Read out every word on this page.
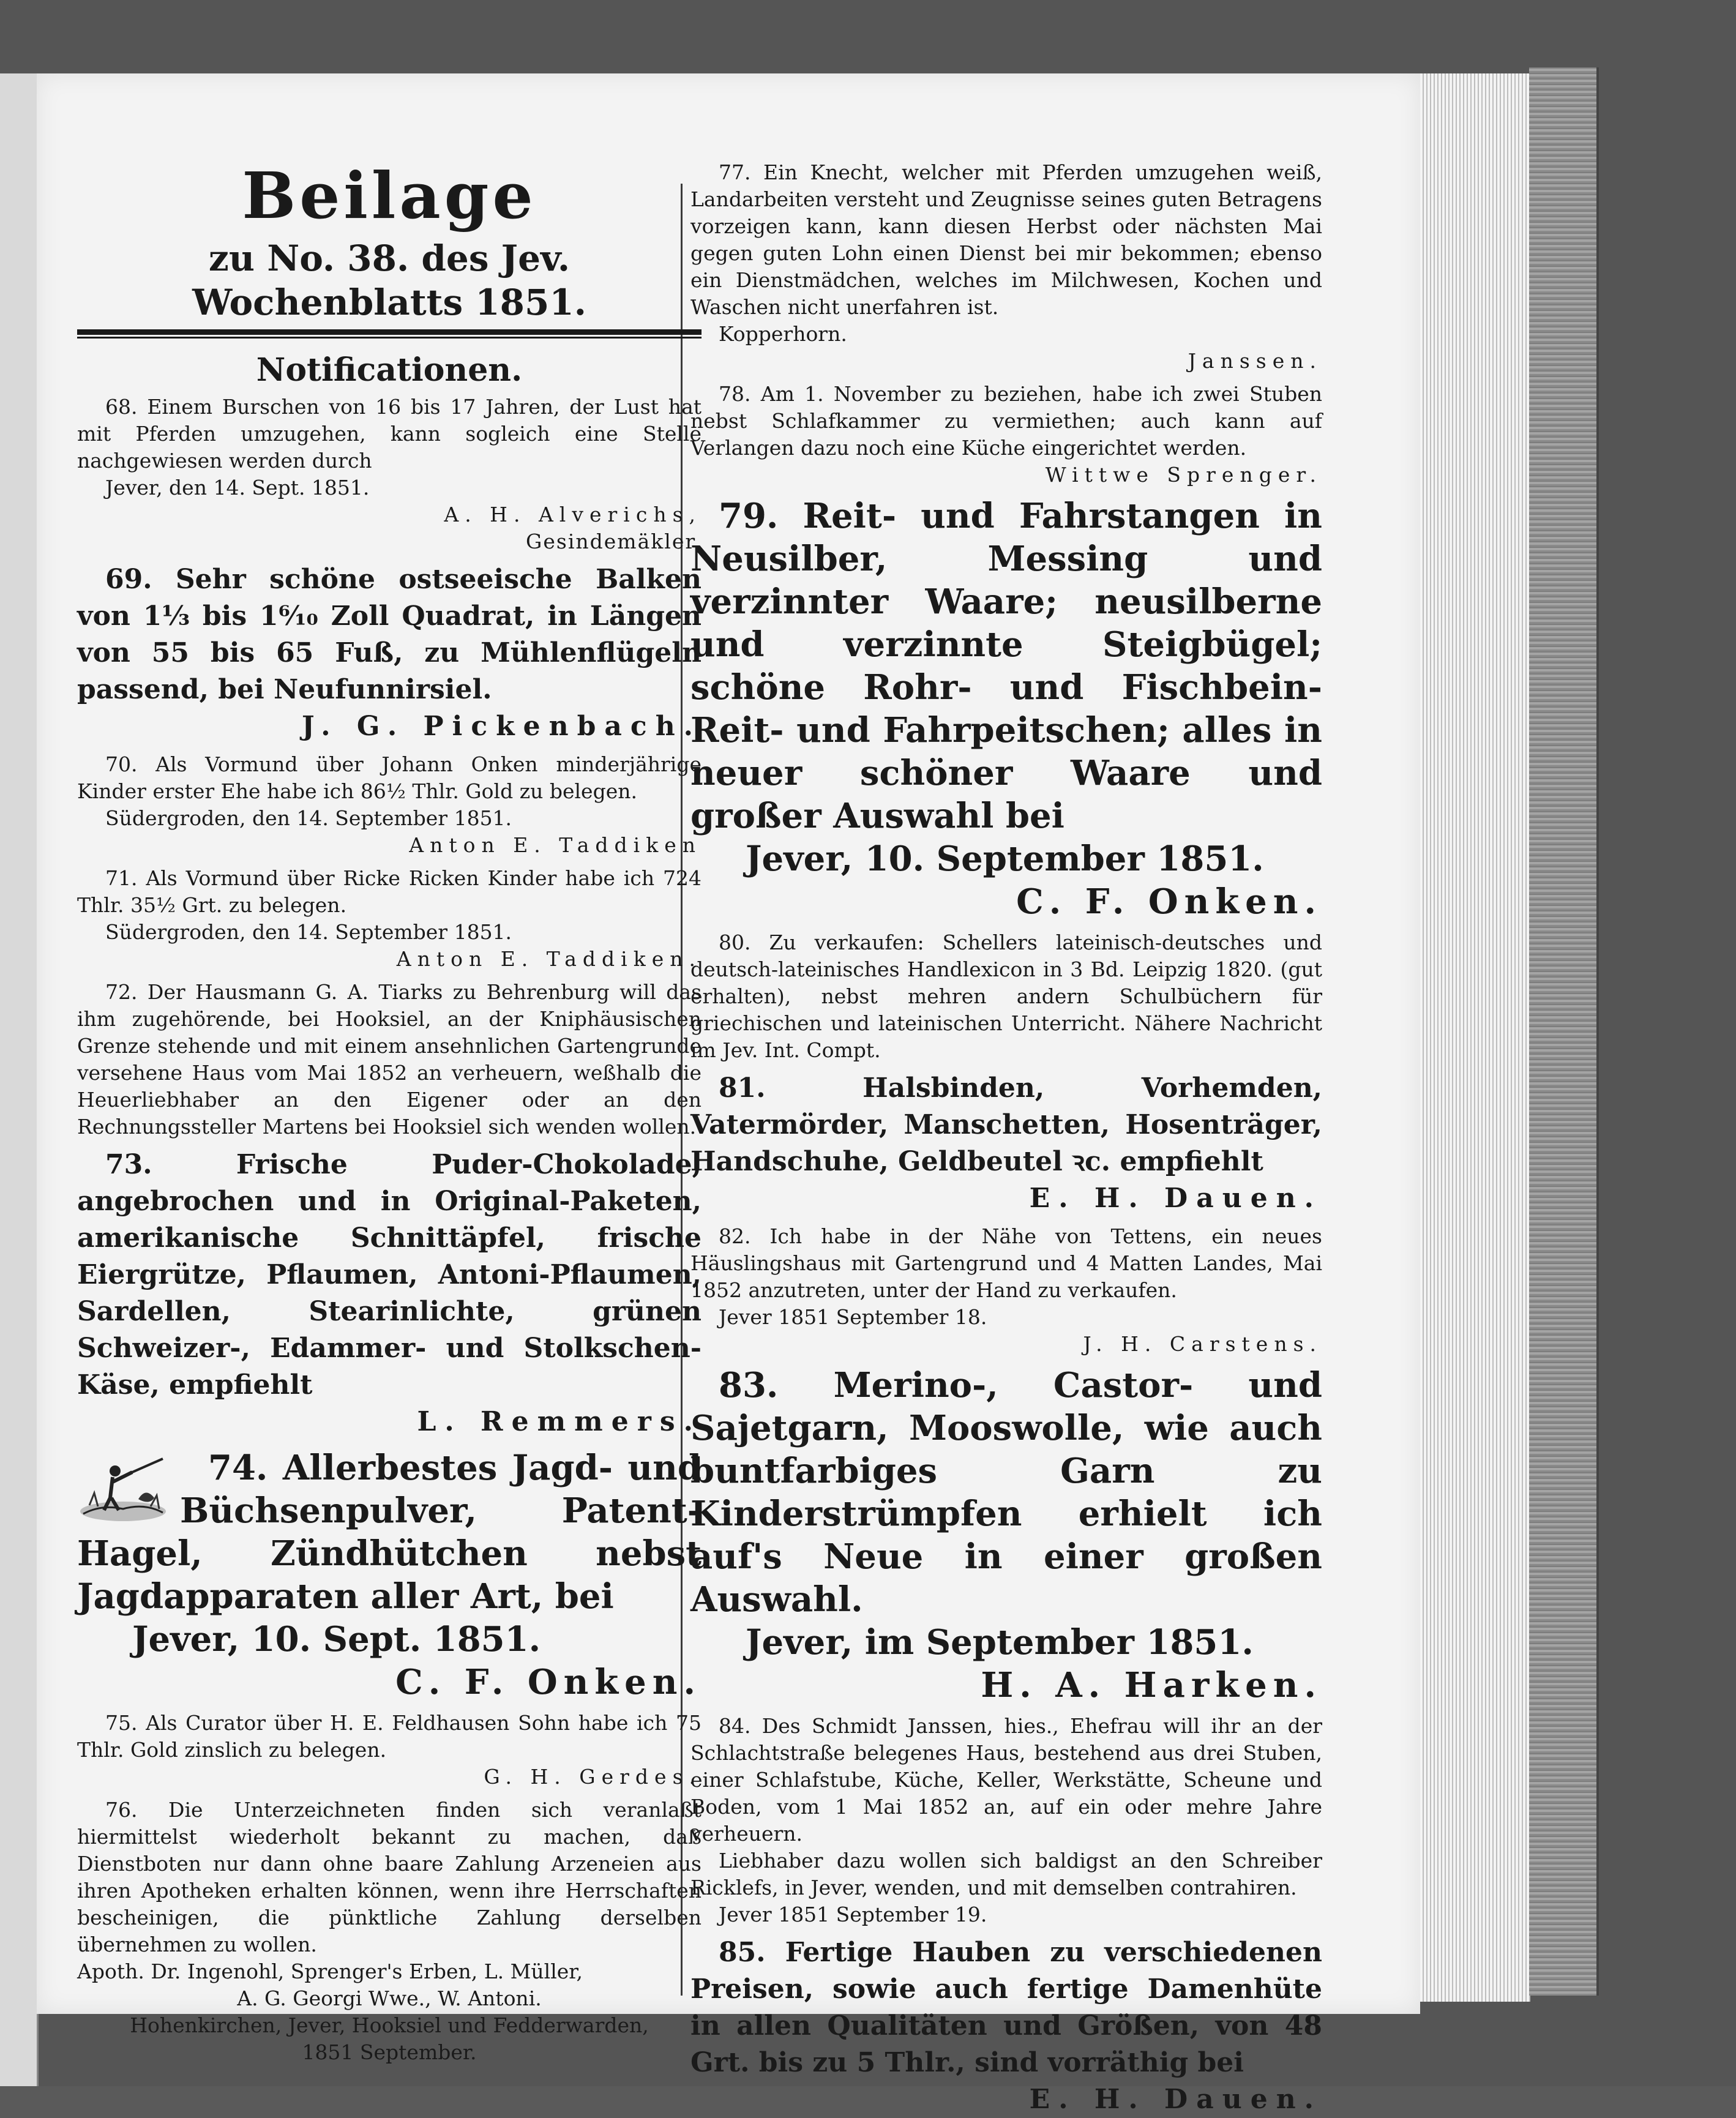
Beilage

zu No. 38. des Jev. Wochenblatts 1851.

Notificationen.

68. Einem Burschen von 16 bis 17 Jahren, der Lust hat mit Pferden umzugehen, kann sogleich eine Stelle nachgewiesen werden durch

Jever, den 14. Sept. 1851.

A. H. Alverichs,

Gesindemäkler.

69. Sehr schöne ostseeische Balken von 1⅓ bis 1⁶⁄₁₀ Zoll Quadrat, in Längen von 55 bis 65 Fuß, zu Mühlenflügeln passend, bei Neufunnirsiel.

J. G. Pickenbach.

70. Als Vormund über Johann Onken minderjährige Kinder erster Ehe habe ich 86½ Thlr. Gold zu belegen.

Südergroden, den 14. September 1851.

Anton E. Taddiken

71. Als Vormund über Ricke Ricken Kinder habe ich 724 Thlr. 35½ Grt. zu belegen.

Südergroden, den 14. September 1851.

Anton E. Taddiken.

72. Der Hausmann G. A. Tiarks zu Behrenburg will das ihm zugehörende, bei Hooksiel, an der Kniphäusischen Grenze stehende und mit einem ansehnlichen Gartengrunde versehene Haus vom Mai 1852 an verheuern, weßhalb die Heuerliebhaber an den Eigener oder an den Rechnungssteller Martens bei Hooksiel sich wenden wollen.

73. Frische Puder-Chokolade, angebrochen und in Original-Paketen, amerikanische Schnittäpfel, frische Eiergrütze, Pflaumen, Antoni-Pflaumen, Sardellen, Stearinlichte, grünen Schweizer-, Edammer- und Stolkschen-Käse, empfiehlt

L. Remmers.

74. Allerbestes Jagd- und Büchsenpulver, Patent-Hagel, Zündhütchen nebst Jagdapparaten aller Art, bei

Jever, 10. Sept. 1851.

C. F. Onken.

75. Als Curator über H. E. Feldhausen Sohn habe ich 75 Thlr. Gold zinslich zu belegen.

G. H. Gerdes.

76. Die Unterzeichneten finden sich veranlaßt hiermittelst wiederholt bekannt zu machen, daß Dienstboten nur dann ohne baare Zahlung Arzeneien aus ihren Apotheken erhalten können, wenn ihre Herrschaften bescheinigen, die pünktliche Zahlung derselben übernehmen zu wollen.

Apoth. Dr. Ingenohl, Sprenger's Erben, L. Müller,

A. G. Georgi Wwe., W. Antoni.

Hohenkirchen, Jever, Hooksiel und Fedderwarden,

1851 September.

77. Ein Knecht, welcher mit Pferden umzugehen weiß, Landarbeiten versteht und Zeugnisse seines guten Betragens vorzeigen kann, kann diesen Herbst oder nächsten Mai gegen guten Lohn einen Dienst bei mir bekommen; ebenso ein Dienstmädchen, welches im Milchwesen, Kochen und Waschen nicht unerfahren ist.

Kopperhorn.

Janssen.

78. Am 1. November zu beziehen, habe ich zwei Stuben nebst Schlafkammer zu vermiethen; auch kann auf Verlangen dazu noch eine Küche eingerichtet werden.

Wittwe Sprenger.

79. Reit- und Fahrstangen in Neusilber, Messing und verzinnter Waare; neusilberne und verzinnte Steigbügel; schöne Rohr- und Fischbein-Reit- und Fahrpeitschen; alles in neuer schöner Waare und großer Auswahl bei

Jever, 10. September 1851.

C. F. Onken.

80. Zu verkaufen: Schellers lateinisch-deutsches und deutsch-lateinisches Handlexicon in 3 Bd. Leipzig 1820. (gut erhalten), nebst mehren andern Schulbüchern für griechischen und lateinischen Unterricht. Nähere Nachricht im Jev. Int. Compt.

81. Halsbinden, Vorhemden, Vatermörder, Manschetten, Hosenträger, Handschuhe, Geldbeutel ꝛc. empfiehlt

E. H. Dauen.

82. Ich habe in der Nähe von Tettens, ein neues Häuslingshaus mit Gartengrund und 4 Matten Landes, Mai 1852 anzutreten, unter der Hand zu verkaufen.

Jever 1851 September 18.

J. H. Carstens.

83. Merino-, Castor- und Sajetgarn, Mooswolle, wie auch buntfarbiges Garn zu Kinderstrümpfen erhielt ich auf's Neue in einer großen Auswahl.

Jever, im September 1851.

H. A. Harken.

84. Des Schmidt Janssen, hies., Ehefrau will ihr an der Schlachtstraße belegenes Haus, bestehend aus drei Stuben, einer Schlafstube, Küche, Keller, Werkstätte, Scheune und Boden, vom 1 Mai 1852 an, auf ein oder mehre Jahre verheuern.

Liebhaber dazu wollen sich baldigst an den Schreiber Ricklefs, in Jever, wenden, und mit demselben contrahiren.

Jever 1851 September 19.

85. Fertige Hauben zu verschiedenen Preisen, sowie auch fertige Damenhüte in allen Qualitäten und Größen, von 48 Grt. bis zu 5 Thlr., sind vorräthig bei

E. H. Dauen.
